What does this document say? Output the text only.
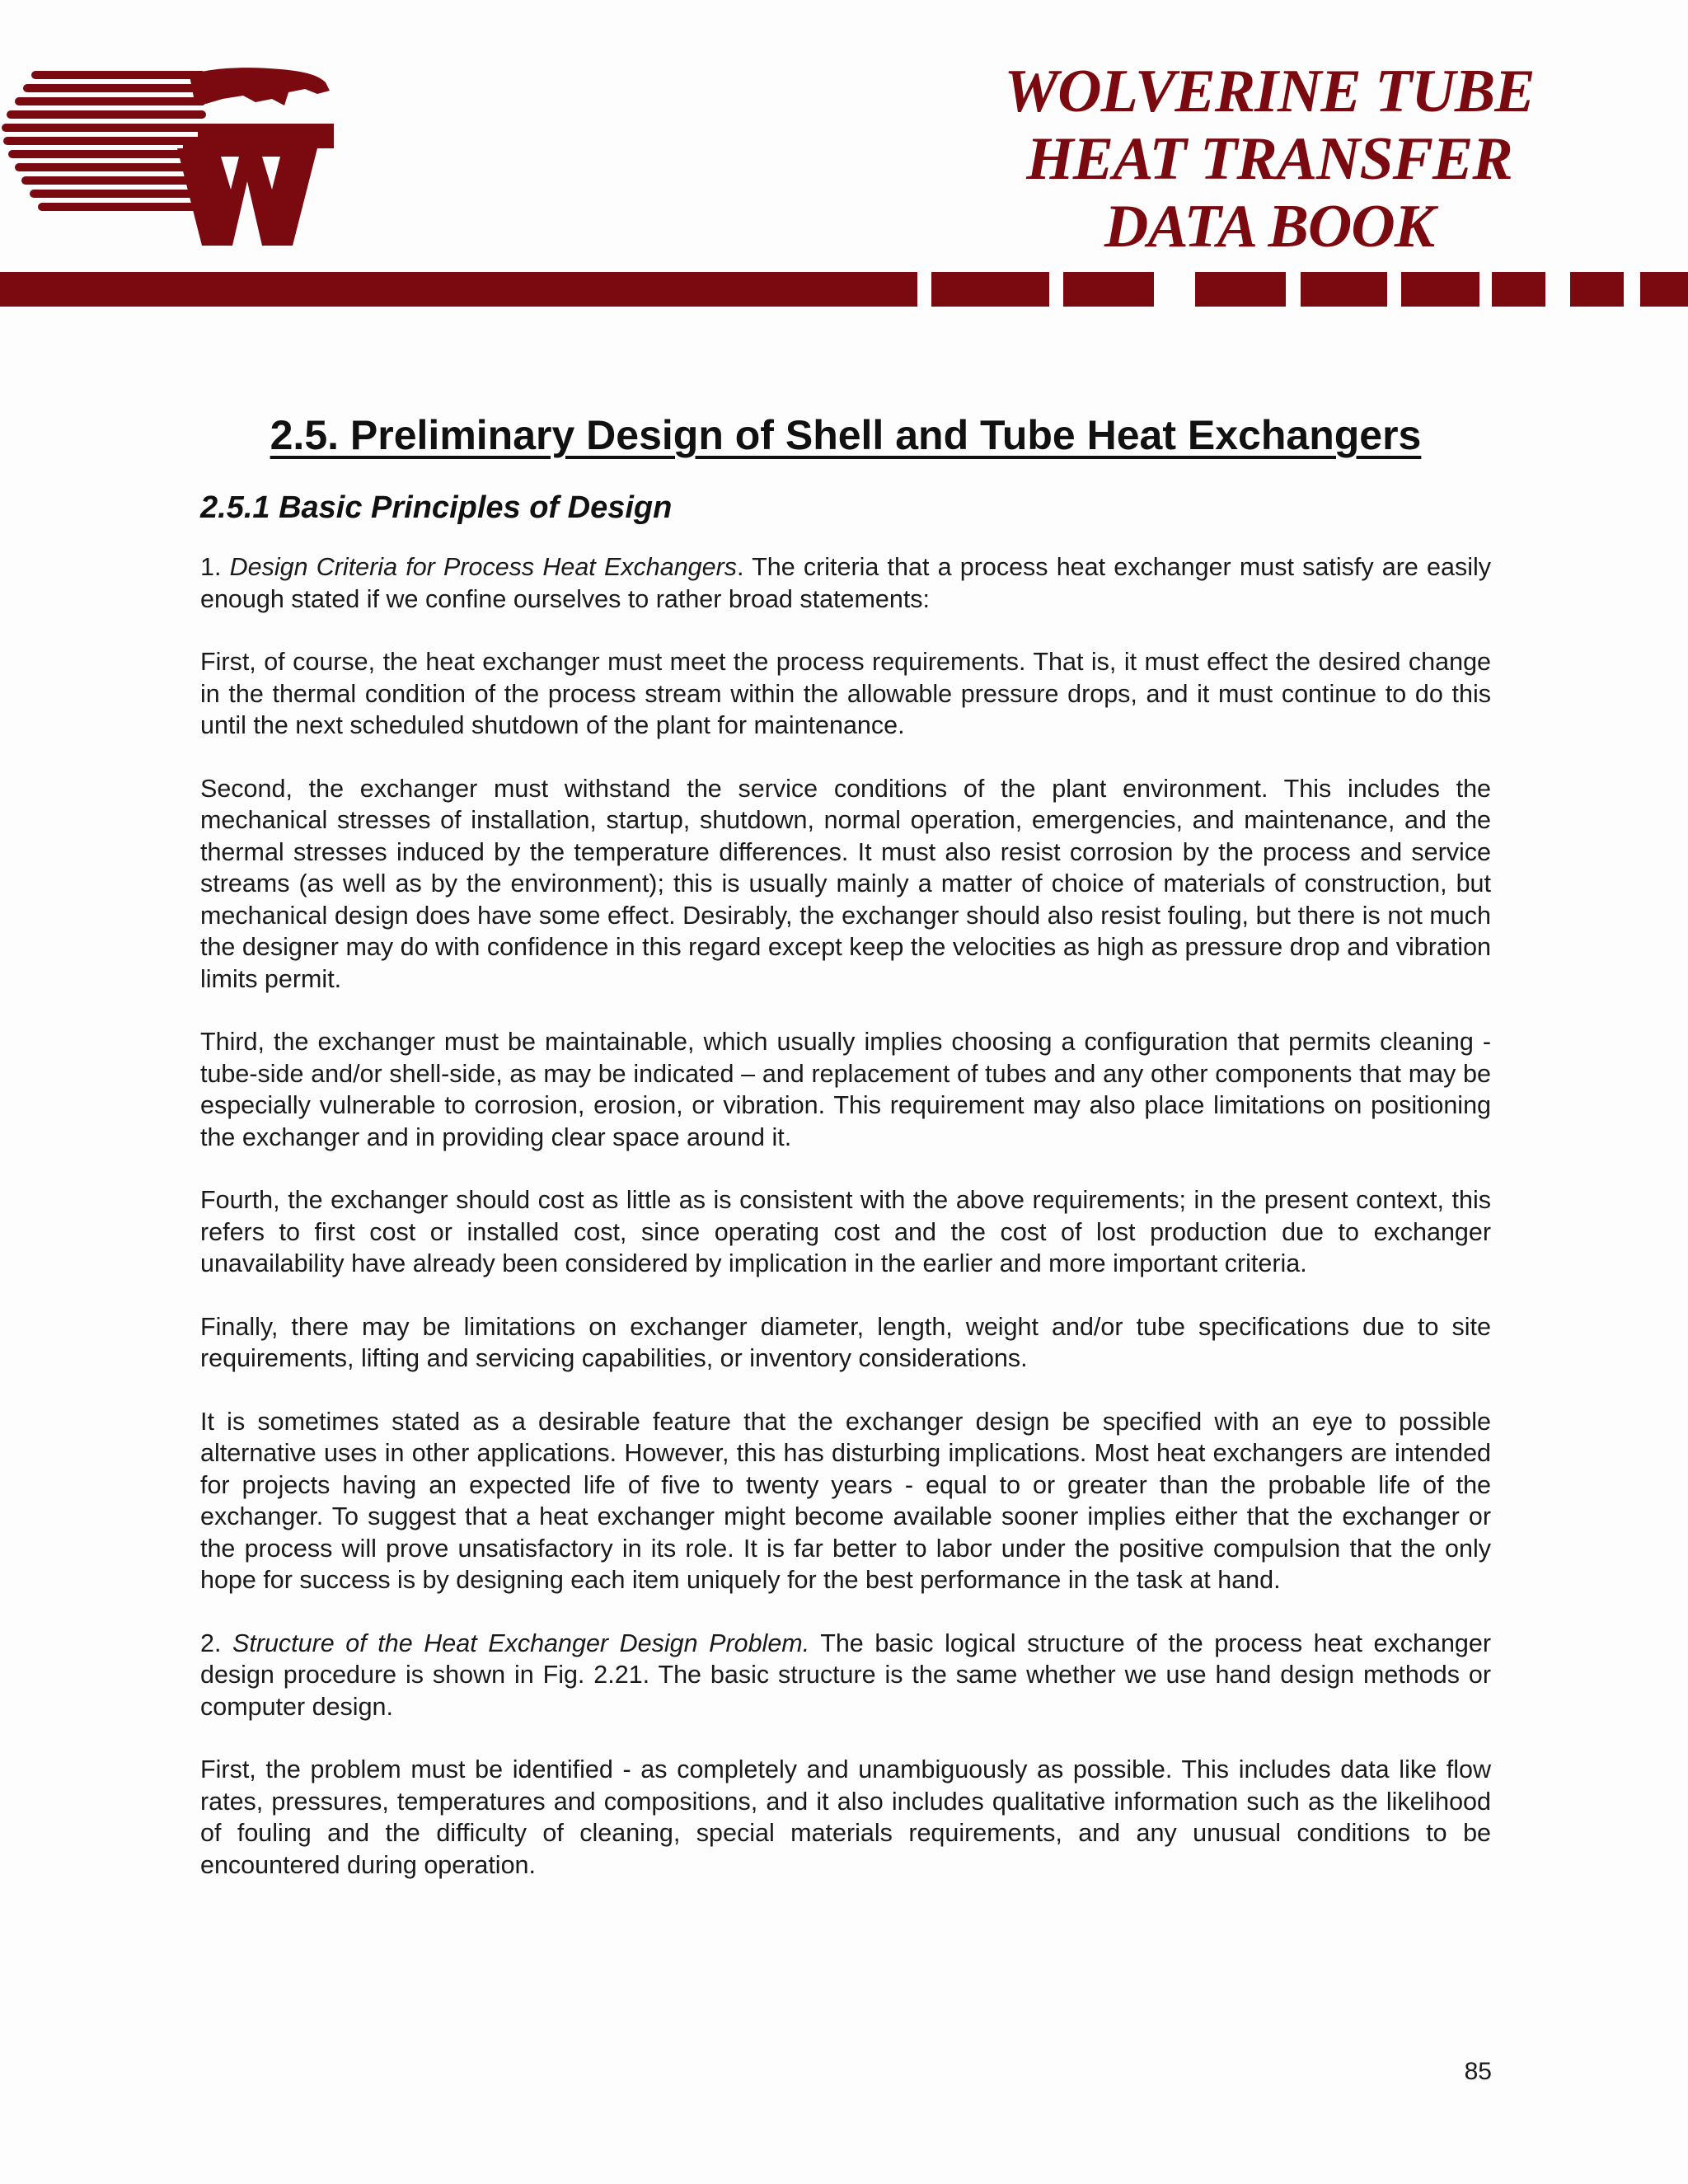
WOLVERINE TUBE
HEAT TRANSFER
DATA BOOK
2.5. Preliminary Design of Shell and Tube Heat Exchangers
2.5.1 Basic Principles of Design

1. Design Criteria for Process Heat Exchangers. The criteria that a process heat exchanger must satisfy are easily enough stated if we confine ourselves to rather broad statements:

First, of course, the heat exchanger must meet the process requirements. That is, it must effect the desired change in the thermal condition of the process stream within the allowable pressure drops, and it must continue to do this until the next scheduled shutdown of the plant for maintenance.

Second, the exchanger must withstand the service conditions of the plant environment. This includes the mechanical stresses of installation, startup, shutdown, normal operation, emergencies, and maintenance, and the thermal stresses induced by the temperature differences. It must also resist corrosion by the process and service streams (as well as by the environment); this is usually mainly a matter of choice of materials of construction, but mechanical design does have some effect. Desirably, the exchanger should also resist fouling, but there is not much the designer may do with confidence in this regard except keep the velocities as high as pressure drop and vibration limits permit.

Third, the exchanger must be maintainable, which usually implies choosing a configuration that permits cleaning - tube-side and/or shell-side, as may be indicated – and replacement of tubes and any other components that may be especially vulnerable to corrosion, erosion, or vibration. This requirement may also place limitations on positioning the exchanger and in providing clear space around it.

Fourth, the exchanger should cost as little as is consistent with the above requirements; in the present context, this refers to first cost or installed cost, since operating cost and the cost of lost production due to exchanger unavailability have already been considered by implication in the earlier and more important criteria.

Finally, there may be limitations on exchanger diameter, length, weight and/or tube specifications due to site requirements, lifting and servicing capabilities, or inventory considerations.

It is sometimes stated as a desirable feature that the exchanger design be specified with an eye to possible alternative uses in other applications. However, this has disturbing implications. Most heat exchangers are intended for projects having an expected life of five to twenty years - equal to or greater than the probable life of the exchanger. To suggest that a heat exchanger might become available sooner implies either that the exchanger or the process will prove unsatisfactory in its role. It is far better to labor under the positive compulsion that the only hope for success is by designing each item uniquely for the best performance in the task at hand.

2. Structure of the Heat Exchanger Design Problem. The basic logical structure of the process heat exchanger design procedure is shown in Fig. 2.21. The basic structure is the same whether we use hand design methods or computer design.

First, the problem must be identified - as completely and unambiguously as possible. This includes data like flow rates, pressures, temperatures and compositions, and it also includes qualitative information such as the likelihood of fouling and the difficulty of cleaning, special materials requirements, and any unusual conditions to be encountered during operation.

85
